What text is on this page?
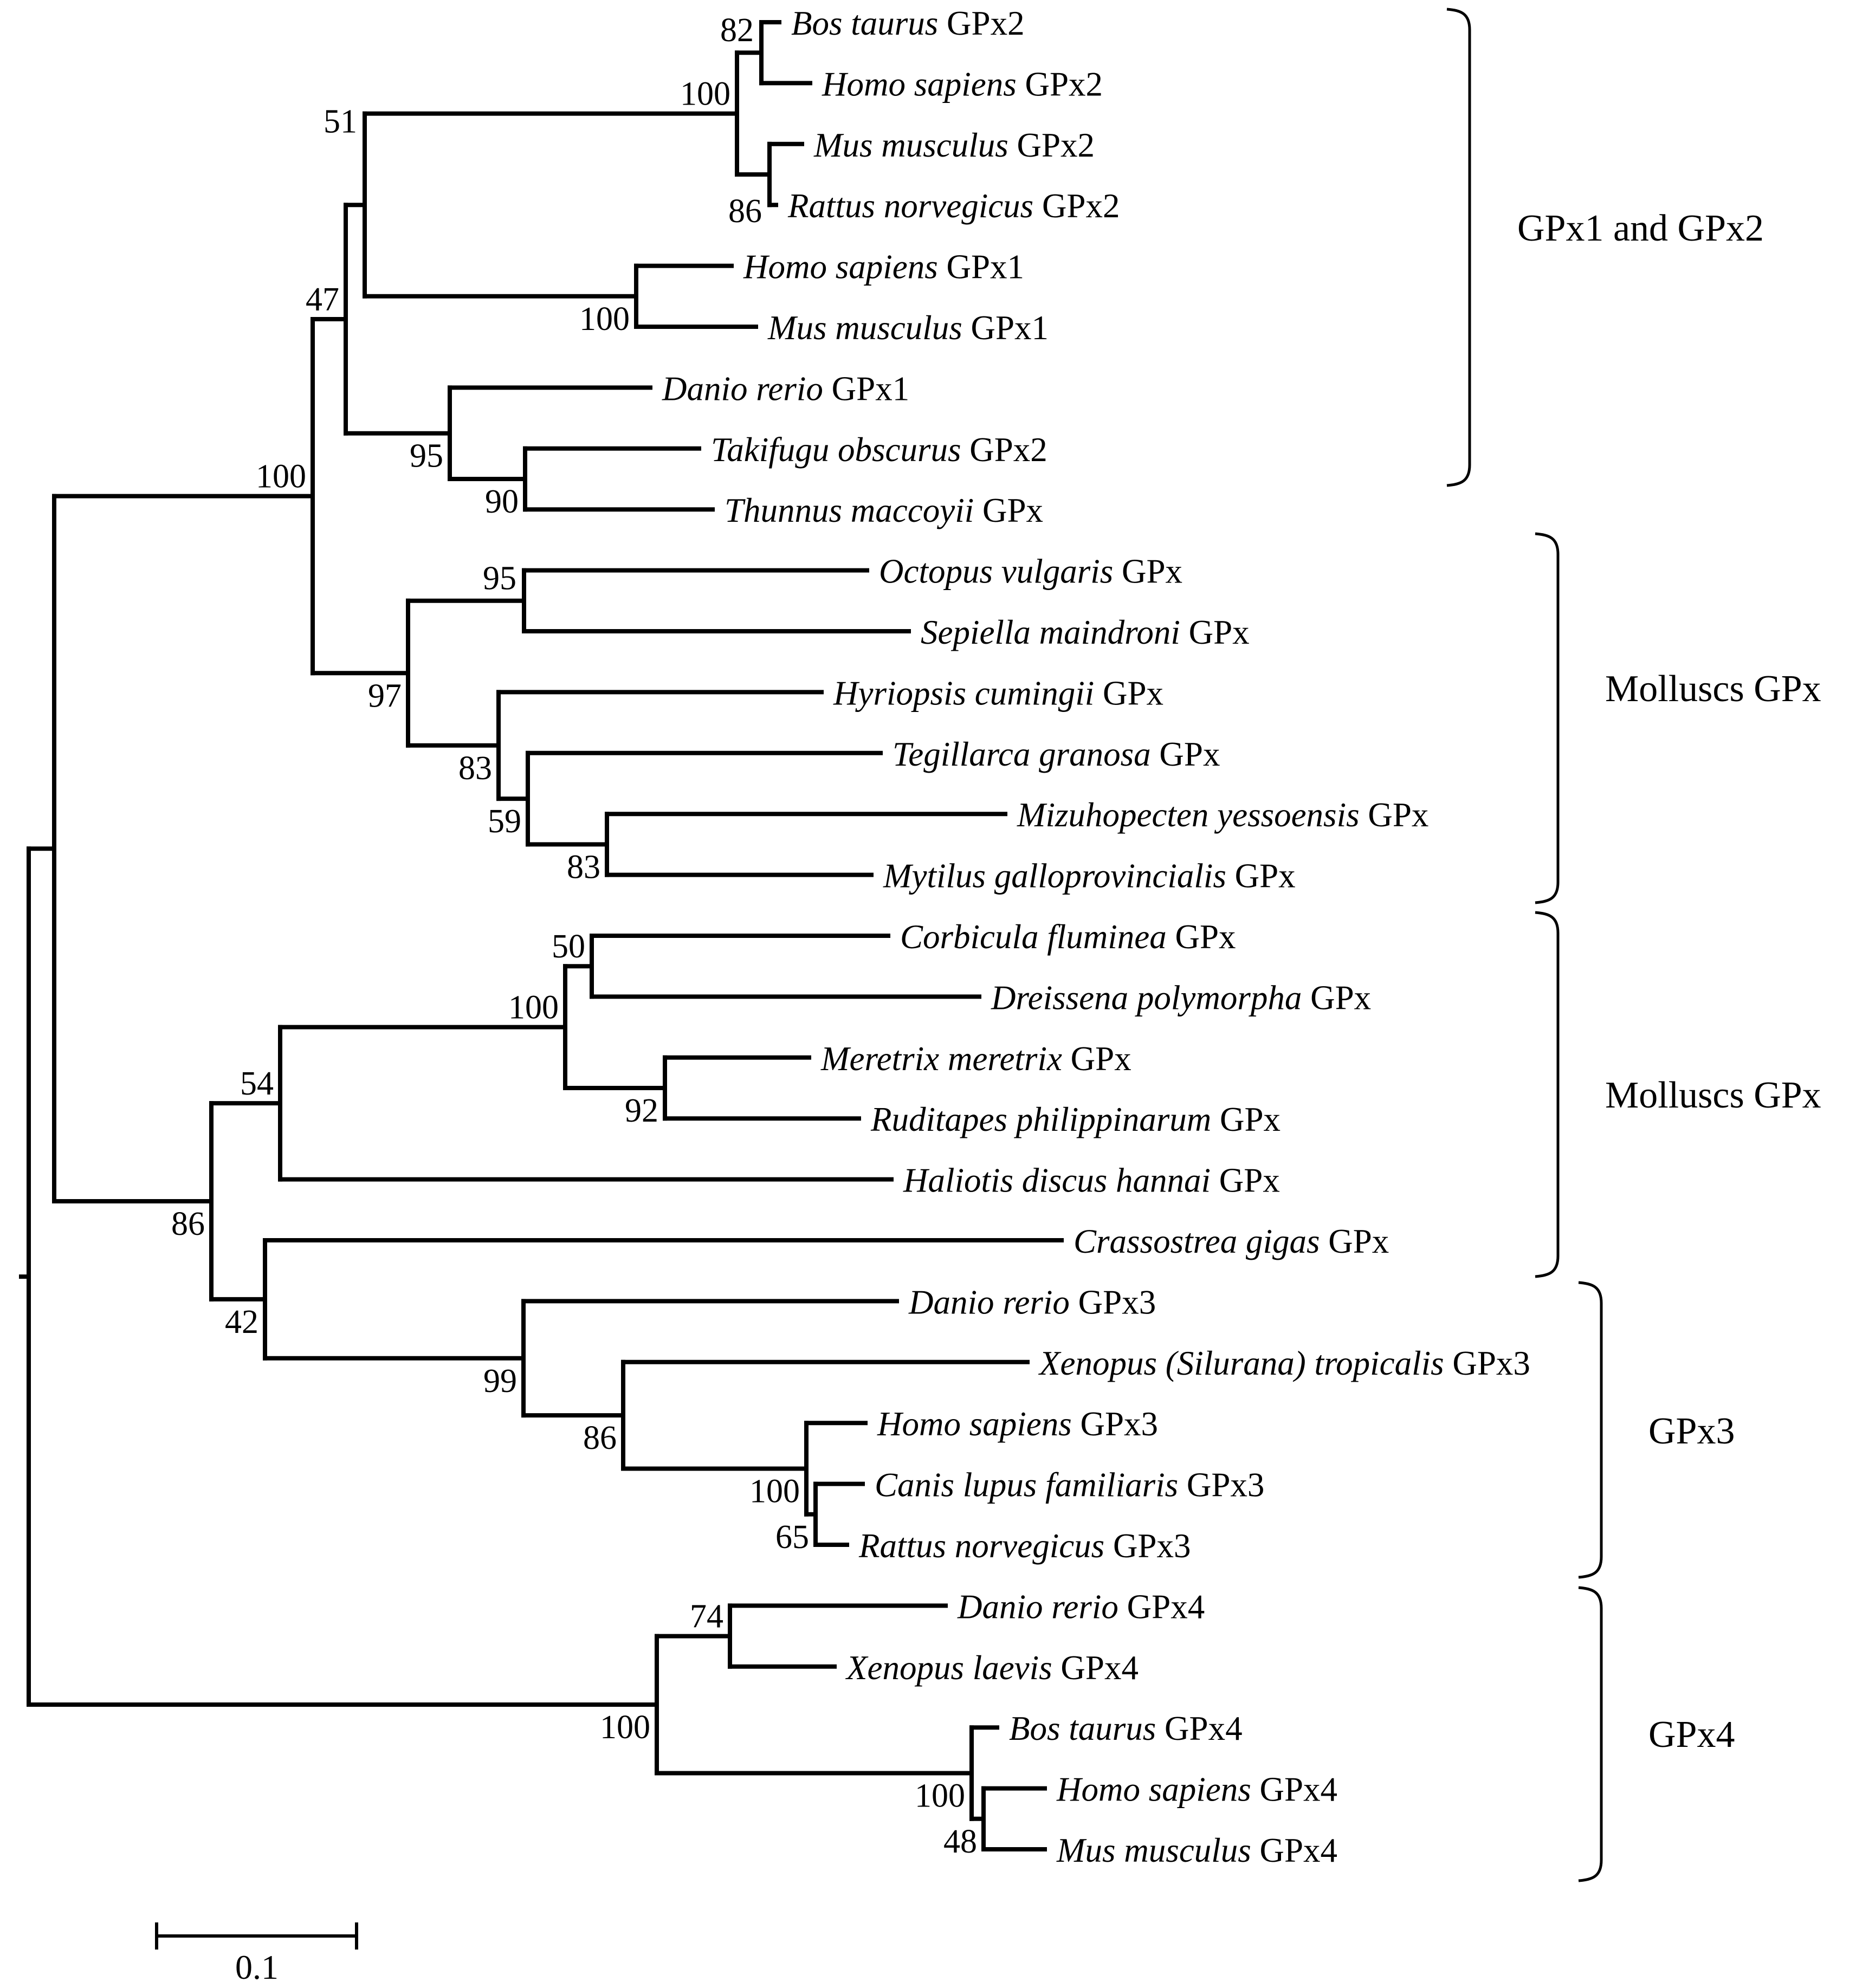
Bos taurus GPx2
Homo sapiens GPx2
82
Mus musculus GPx2
Rattus norvegicus GPx2
86
100
Homo sapiens GPx1
Mus musculus GPx1
100
51
Danio rerio GPx1
Takifugu obscurus GPx2
Thunnus maccoyii GPx
90
95
47
Octopus vulgaris GPx
Sepiella maindroni GPx
95
Hyriopsis cumingii GPx
Tegillarca granosa GPx
Mizuhopecten yessoensis GPx
Mytilus galloprovincialis GPx
83
59
83
97
100
Corbicula fluminea GPx
Dreissena polymorpha GPx
50
Meretrix meretrix GPx
Ruditapes philippinarum GPx
92
100
Haliotis discus hannai GPx
54
Crassostrea gigas GPx
Danio rerio GPx3
Xenopus (Silurana) tropicalis GPx3
Homo sapiens GPx3
Canis lupus familiaris GPx3
Rattus norvegicus GPx3
65
100
86
99
42
86
Danio rerio GPx4
Xenopus laevis GPx4
74
Bos taurus GPx4
Homo sapiens GPx4
Mus musculus GPx4
48
100
100
GPx1 and GPx2
Molluscs GPx
Molluscs GPx
GPx3
GPx4
0.1
